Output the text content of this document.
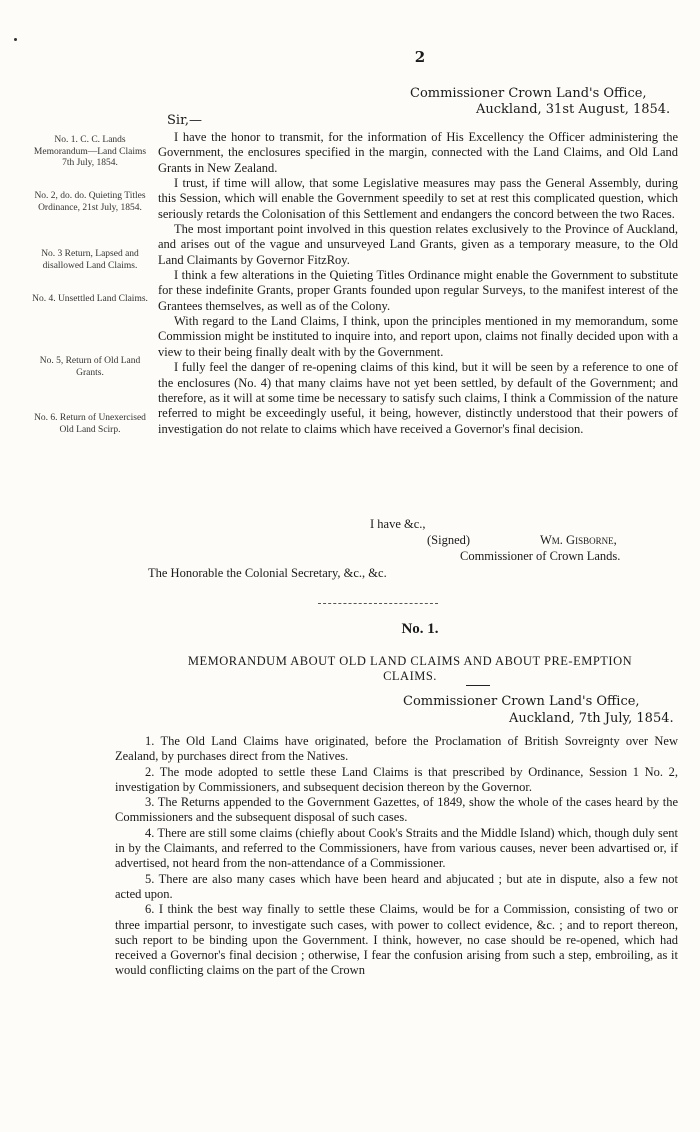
2
Commissioner Crown Land's Office,
Auckland, 31st August, 1854.
Sir,—
No. 1. C. C. Lands Memorandum—Land Claims 7th July, 1854.
No. 2, do. do. Quieting Titles Ordinance, 21st July, 1854.
No. 3 Return, Lapsed and disallowed Land Claims.
No. 4. Unsettled Land Claims.
No. 5, Return of Old Land Grants.
No. 6. Return of Unexercised Old Land Scirp.

I have the honor to transmit, for the information of His Excellency the Officer administering the Government, the enclosures specified in the margin, connected with the Land Claims, and Old Land Grants in New Zealand.

I trust, if time will allow, that some Legislative measures may pass the General Assembly, during this Session, which will enable the Government speedily to set at rest this complicated question, which seriously retards the Colonisation of this Settlement and endangers the concord between the two Races.

The most important point involved in this question relates exclusively to the Province of Auckland, and arises out of the vague and unsurveyed Land Grants, given as a temporary measure, to the Old Land Claimants by Governor FitzRoy.

I think a few alterations in the Quieting Titles Ordinance might enable the Government to substitute for these indefinite Grants, proper Grants founded upon regular Surveys, to the manifest interest of the Grantees themselves, as well as of the Colony.

With regard to the Land Claims, I think, upon the principles mentioned in my memorandum, some Commission might be instituted to inquire into, and report upon, claims not finally decided upon with a view to their being finally dealt with by the Government.

I fully feel the danger of re-opening claims of this kind, but it will be seen by a reference to one of the enclosures (No. 4) that many claims have not yet been settled, by default of the Government; and therefore, as it will at some time be necessary to satisfy such claims, I think a Commission of the nature referred to might be exceedingly useful, it being, however, distinctly understood that their powers of investigation do not relate to claims which have received a Governor's final decision.

I have &c.,
(Signed)	Wm. Gisborne,
Commissioner of Crown Lands.
The Honorable the Colonial Secretary, &c., &c.
No. 1.
MEMORANDUM ABOUT OLD LAND CLAIMS AND ABOUT PRE-EMPTION
CLAIMS.
Commissioner Crown Land's Office,
Auckland, 7th July, 1854.

1. The Old Land Claims have originated, before the Proclamation of British Sovreignty over New Zealand, by purchases direct from the Natives.

2. The mode adopted to settle these Land Claims is that prescribed by Ordinance, Session 1 No. 2, investigation by Commissioners, and subsequent decision thereon by the Governor.

3. The Returns appended to the Government Gazettes, of 1849, show the whole of the cases heard by the Commissioners and the subsequent disposal of such cases.

4. There are still some claims (chiefly about Cook's Straits and the Middle Island) which, though duly sent in by the Claimants, and referred to the Commissioners, have from various causes, never been advartised or, if advertised, not heard from the non-attendance of a Commissioner.

5. There are also many cases which have been heard and abjucated ; but ate in dispute, also a few not acted upon.

6. I think the best way finally to settle these Claims, would be for a Commission, consisting of two or three impartial personr, to investigate such cases, with power to collect evidence, &c. ; and to report thereon, such report to be binding upon the Government. I think, however, no case should be re-opened, which had received a Governor's final decision ; otherwise, I fear the confusion arising from such a step, embroiling, as it would conflicting claims on the part of the Crown
